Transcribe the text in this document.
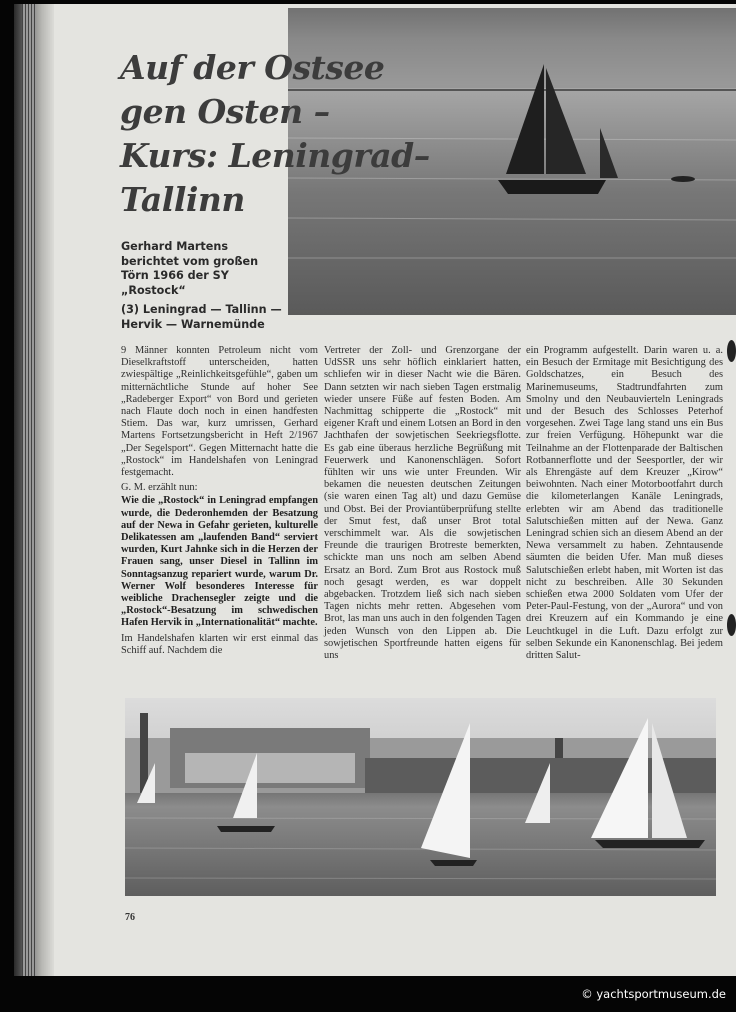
Auf der Ostsee
gen Osten –
Kurs: Leningrad–
Tallinn

Gerhard Martens berichtet vom großen Törn 1966 der SY „Rostock“

(3) Leningrad — Tallinn — Hervik — Warnemünde

9 Männer konnten Petroleum nicht vom Dieselkraftstoff unterscheiden, hatten zwiespältige „Reinlichkeitsgefühle“, gaben um mitternächtliche Stunde auf hoher See „Radeberger Export“ von Bord und gerieten nach Flaute doch noch in einen handfesten Stiem. Das war, kurz umrissen, Gerhard Martens Fortsetzungsbericht in Heft 2/1967 „Der Segelsport“. Gegen Mitternacht hatte die „Rostock“ im Handelshafen von Leningrad festgemacht.

G. M. erzählt nun:

Wie die „Rostock“ in Leningrad empfangen wurde, die Dederonhemden der Besatzung auf der Newa in Gefahr gerieten, kulturelle Delikatessen am „laufenden Band“ serviert wurden, Kurt Jahnke sich in die Herzen der Frauen sang, unser Diesel in Tallinn im Sonntagsanzug repariert wurde, warum Dr. Werner Wolf besonderes Interesse für weibliche Drachensegler zeigte und die „Rostock“-Besatzung im schwedischen Hafen Hervik in „Internationalität“ machte.

Im Handelshafen klarten wir erst einmal das Schiff auf. Nachdem die

Vertreter der Zoll- und Grenzorgane der UdSSR uns sehr höflich einklariert hatten, schliefen wir in dieser Nacht wie die Bären. Dann setzten wir nach sieben Tagen erstmalig wieder unsere Füße auf festen Boden. Am Nachmittag schipperte die „Rostock“ mit eigener Kraft und einem Lotsen an Bord in den Jachthafen der sowjetischen Seekriegsflotte. Es gab eine überaus herzliche Begrüßung mit Feuerwerk und Kanonenschlägen. Sofort fühlten wir uns wie unter Freunden. Wir bekamen die neuesten deutschen Zeitungen (sie waren einen Tag alt) und dazu Gemüse und Obst. Bei der Proviantüberprüfung stellte der Smut fest, daß unser Brot total verschimmelt war. Als die sowjetischen Freunde die traurigen Brotreste bemerkten, schickte man uns noch am selben Abend Ersatz an Bord. Zum Brot aus Rostock muß noch gesagt werden, es war doppelt abgebacken. Trotzdem ließ sich nach sieben Tagen nichts mehr retten. Abgesehen vom Brot, las man uns auch in den folgenden Tagen jeden Wunsch von den Lippen ab. Die sowjetischen Sportfreunde hatten eigens für uns

ein Programm aufgestellt. Darin waren u. a. ein Besuch der Ermitage mit Besichtigung des Goldschatzes, ein Besuch des Marinemuseums, Stadtrundfahrten zum Smolny und den Neubauvierteln Leningrads und der Besuch des Schlosses Peterhof vorgesehen. Zwei Tage lang stand uns ein Bus zur freien Verfügung. Höhepunkt war die Teilnahme an der Flottenparade der Baltischen Rotbannerflotte und der Seesportler, der wir als Ehrengäste auf dem Kreuzer „Kirow“ beiwohnten. Nach einer Motorbootfahrt durch die kilometerlangen Kanäle Leningrads, erlebten wir am Abend das traditionelle Salutschießen mitten auf der Newa. Ganz Leningrad schien sich an diesem Abend an der Newa versammelt zu haben. Zehntausende säumten die beiden Ufer. Man muß dieses Salutschießen erlebt haben, mit Worten ist das nicht zu beschreiben. Alle 30 Sekunden schießen etwa 2000 Soldaten vom Ufer der Peter-Paul-Festung, von der „Aurora“ und von drei Kreuzern auf ein Kommando je eine Leuchtkugel in die Luft. Dazu erfolgt zur selben Sekunde ein Kanonenschlag. Bei jedem dritten Salut-

76
© yachtsportmuseum.de
